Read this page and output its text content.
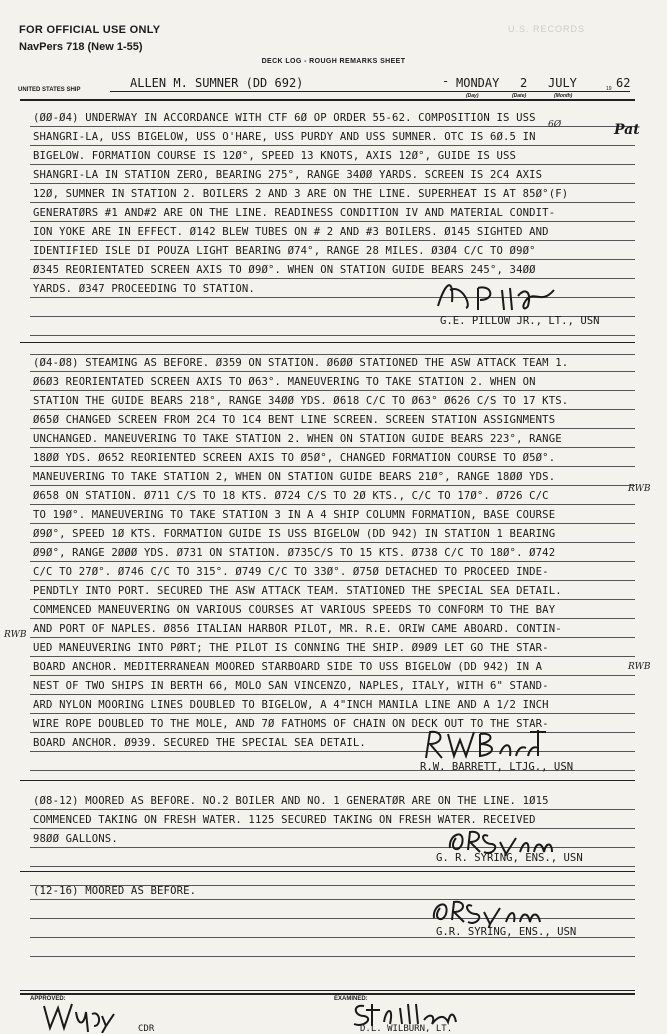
FOR OFFICIAL USE ONLY
NavPers 718 (New 1-55)
U.S. RECORDS
DECK LOG - ROUGH REMARKS SHEET
UNITED STATES SHIP	ALLEN M. SUMNER (DD 692)	- MONDAY 2 JULY	19 62
(Day)	(Date)	(Month)
(ØØ-Ø4) UNDERWAY IN ACCORDANCE WITH CTF 6Ø OP ORDER 55-62. COMPOSITION IS USS
SHANGRI-LA, USS BIGELOW, USS O'HARE, USS PURDY AND USS SUMNER. OTC IS 6Ø.5 IN
BIGELOW. FORMATION COURSE IS 12Ø°, SPEED 13 KNOTS, AXIS 12Ø°, GUIDE IS USS
SHANGRI-LA IN STATION ZERO, BEARING 275°, RANGE 34ØØ YARDS. SCREEN IS 2C4 AXIS
12Ø, SUMNER IN STATION 2. BOILERS 2 AND 3 ARE ON THE LINE. SUPERHEAT IS AT 85Ø°(F)
GENERATØRS #1 AND#2 ARE ON THE LINE. READINESS CONDITION IV AND MATERIAL CONDIT-
ION YOKE ARE IN EFFECT. Ø142 BLEW TUBES ON # 2 AND #3 BOILERS. Ø145 SIGHTED AND
IDENTIFIED ISLE DI POUZA LIGHT BEARING Ø74°, RANGE 28 MILES. Ø3Ø4 C/C TO Ø9Ø°
Ø345 REORIENTATED SCREEN AXIS TO Ø9Ø°. WHEN ON STATION GUIDE BEARS 245°, 34ØØ
YARDS. Ø347 PROCEEDING TO STATION.
(Ø4-Ø8) STEAMING AS BEFORE. Ø359 ON STATION. Ø6ØØ STATIONED THE ASW ATTACK TEAM 1.
Ø6Ø3 REORIENTATED SCREEN AXIS TO Ø63°. MANEUVERING TO TAKE STATION 2. WHEN ON
STATION THE GUIDE BEARS 218°, RANGE 34ØØ YDS. Ø618 C/C TO Ø63° Ø626 C/S TO 17 KTS.
Ø65Ø CHANGED SCREEN FROM 2C4 TO 1C4 BENT LINE SCREEN. SCREEN STATION ASSIGNMENTS
UNCHANGED. MANEUVERING TO TAKE STATION 2. WHEN ON STATION GUIDE BEARS 223°, RANGE
18ØØ YDS. Ø652 REORIENTED SCREEN AXIS TO Ø5Ø°, CHANGED FORMATION COURSE TO Ø5Ø°.
MANEUVERING TO TAKE STATION 2, WHEN ON STATION GUIDE BEARS 21Ø°, RANGE 18ØØ YDS.
Ø658 ON STATION. Ø711 C/S TO 18 KTS. Ø724 C/S TO 2Ø KTS., C/C TO 17Ø°. Ø726 C/C
TO 19Ø°. MANEUVERING TO TAKE STATION 3 IN A 4 SHIP COLUMN FORMATION, BASE COURSE
Ø9Ø°, SPEED 1Ø KTS. FORMATION GUIDE IS USS BIGELOW (DD 942) IN STATION 1 BEARING
Ø9Ø°, RANGE 2ØØØ YDS. Ø731 ON STATION. Ø735C/S TO 15 KTS. Ø738 C/C TO 18Ø°. Ø742
C/C TO 27Ø°. Ø746 C/C TO 315°. Ø749 C/C TO 33Ø°. Ø75Ø DETACHED TO PROCEED INDE-
PENDTLY INTO PORT. SECURED THE ASW ATTACK TEAM. STATIONED THE SPECIAL SEA DETAIL.
COMMENCED MANEUVERING ON VARIOUS COURSES AT VARIOUS SPEEDS TO CONFORM TO THE BAY
AND PORT OF NAPLES. Ø856 ITALIAN HARBOR PILOT, MR. R.E. ORIW CAME ABOARD. CONTIN-
UED MANEUVERING INTO PØRT; THE PILOT IS CONNING THE SHIP. Ø9Ø9 LET GO THE STAR-
BOARD ANCHOR. MEDITERRANEAN MOORED STARBOARD SIDE TO USS BIGELOW (DD 942) IN A
NEST OF TWO SHIPS IN BERTH 66, MOLO SAN VINCENZO, NAPLES, ITALY, WITH 6" STAND-
ARD NYLON MOORING LINES DOUBLED TO BIGELOW, A 4"INCH MANILA LINE AND A 1/2 INCH
WIRE ROPE DOUBLED TO THE MOLE, AND 7Ø FATHOMS OF CHAIN ON DECK OUT TO THE STAR-
BOARD ANCHOR. Ø939. SECURED THE SPECIAL SEA DETAIL.
(Ø8-12) MOORED AS BEFORE. NO.2 BOILER AND NO. 1 GENERATØR ARE ON THE LINE. 1Ø15
COMMENCED TAKING ON FRESH WATER. 1125 SECURED TAKING ON FRESH WATER. RECEIVED
98ØØ GALLONS.
(12-16) MOORED AS BEFORE.
6Ø	Pat
G.E. PILLOW JR., LT., USN
RWB
RWB
RWB
R.W. BARRETT, LTJG., USN
G. R. SYRING, ENS., USN
G.R. SYRING, ENS., USN
APPROVED:	EXAMINED:
CDR	D.L. WILBURN, LT.
